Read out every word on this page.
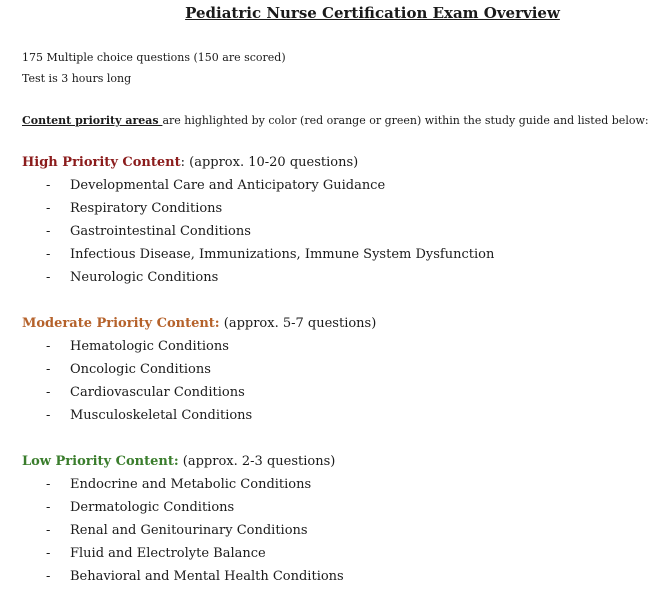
Pediatric Nurse Certification Exam Overview
175 Multiple choice questions (150 are scored)
Test is 3 hours long
Content priority areas are highlighted by color (red orange or green) within the study guide and listed below:
High Priority Content: (approx. 10-20 questions)
- Developmental Care and Anticipatory Guidance
- Respiratory Conditions
- Gastrointestinal Conditions
- Infectious Disease, Immunizations, Immune System Dysfunction
- Neurologic Conditions
Moderate Priority Content: (approx. 5-7 questions)
- Hematologic Conditions
- Oncologic Conditions
- Cardiovascular Conditions
- Musculoskeletal Conditions
Low Priority Content: (approx. 2-3 questions)
- Endocrine and Metabolic Conditions
- Dermatologic Conditions
- Renal and Genitourinary Conditions
- Fluid and Electrolyte Balance
- Behavioral and Mental Health Conditions
